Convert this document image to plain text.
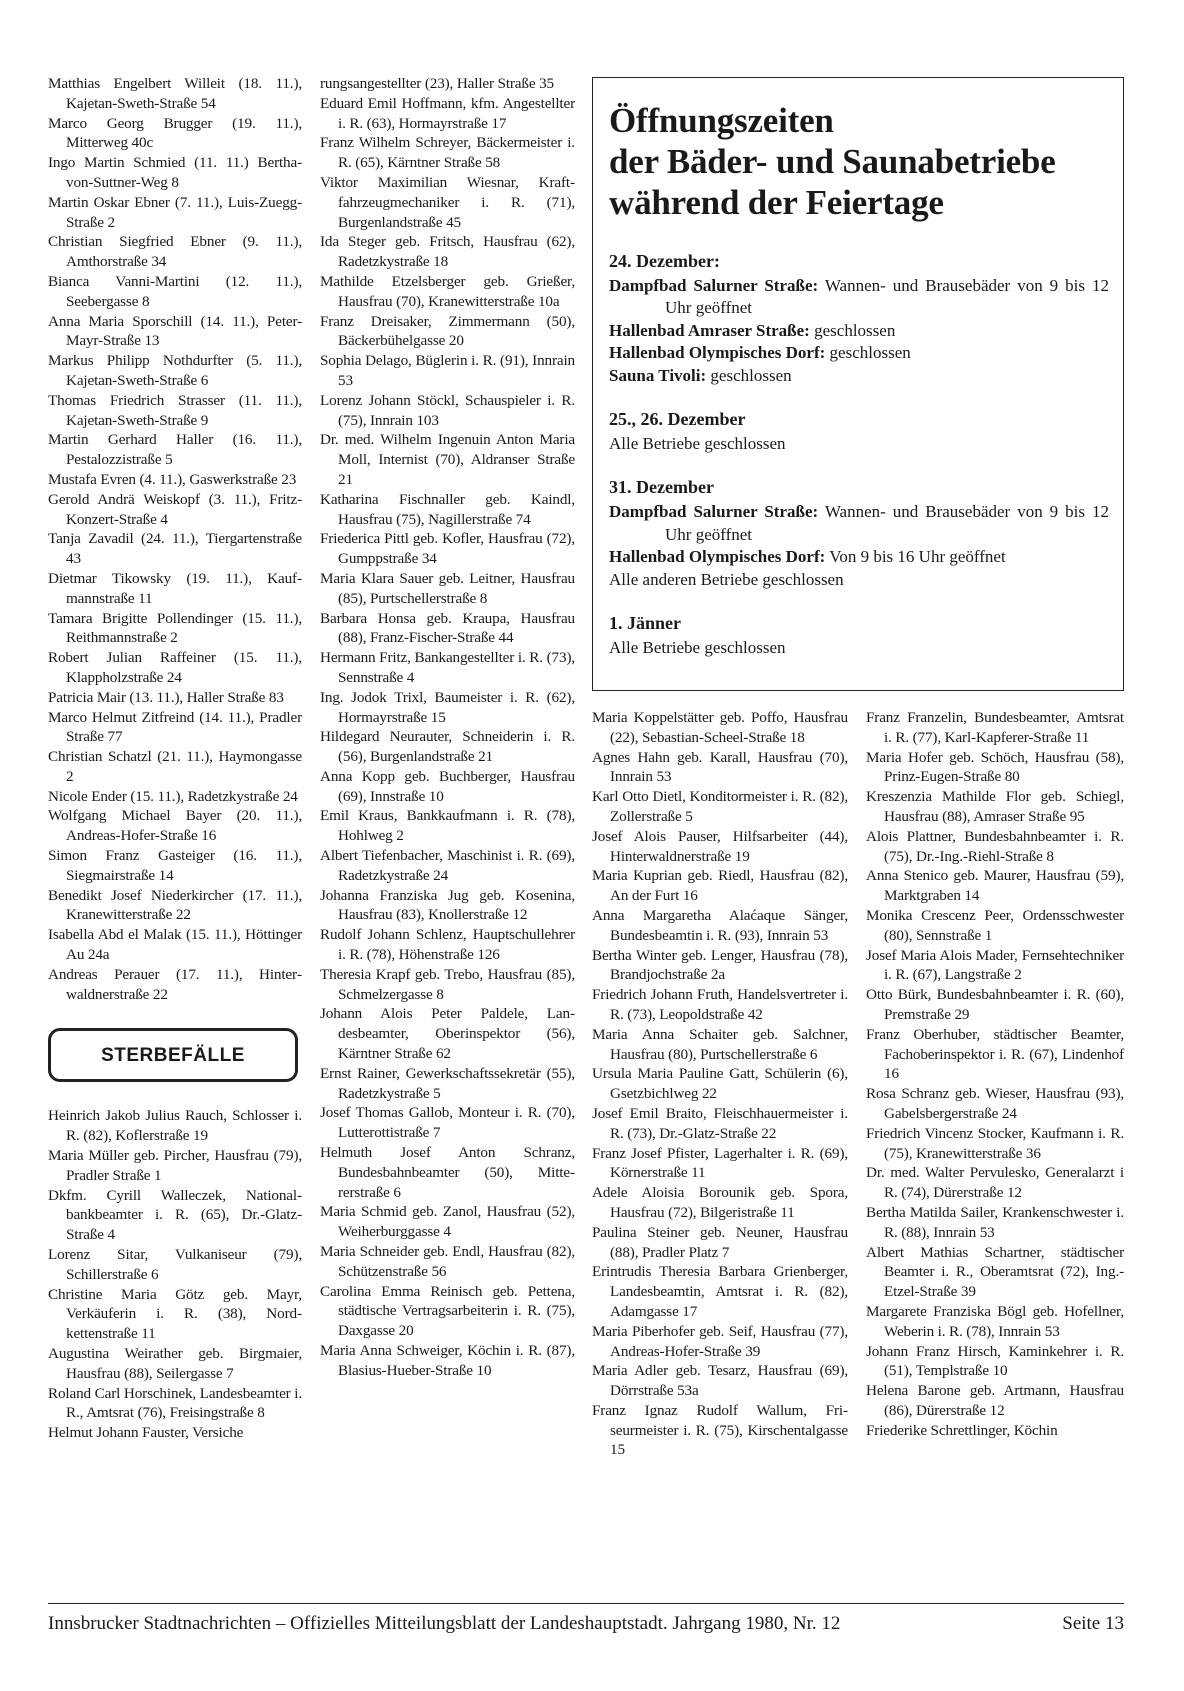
Matthias Engelbert Willeit (18. 11.), Kajetan-Sweth-Straße 54

Marco Georg Brugger (19. 11.), Mitterweg 40c

Ingo Martin Schmied (11. 11.) Bertha-von-Suttner-Weg 8

Martin Oskar Ebner (7. 11.), Luis-Zuegg-Straße 2

Christian Siegfried Ebner (9. 11.), Amthorstraße 34

Bianca Vanni-Martini (12. 11.), Seebergasse 8

Anna Maria Sporschill (14. 11.), Peter-Mayr-Straße 13

Markus Philipp Nothdurfter (5. 11.), Kajetan-Sweth-Straße 6

Thomas Friedrich Strasser (11. 11.), Kajetan-Sweth-Straße 9

Martin Gerhard Haller (16. 11.), Pestalozzistraße 5

Mustafa Evren (4. 11.), Gaswerkstraße 23

Gerold Andrä Weiskopf (3. 11.), Fritz-Konzert-Straße 4

Tanja Zavadil (24. 11.), Tiergartenstraße 43

Dietmar Tikowsky (19. 11.), Kaufmannstraße 11

Tamara Brigitte Pollendinger (15. 11.), Reithmannstraße 2

Robert Julian Raffeiner (15. 11.), Klappholzstraße 24

Patricia Mair (13. 11.), Haller Straße 83

Marco Helmut Zitfreind (14. 11.), Pradler Straße 77

Christian Schatzl (21. 11.), Haymongasse 2

Nicole Ender (15. 11.), Radetzkystraße 24

Wolfgang Michael Bayer (20. 11.), Andreas-Hofer-Straße 16

Simon Franz Gasteiger (16. 11.), Siegmairstraße 14

Benedikt Josef Niederkircher (17. 11.), Kranewitterstraße 22

Isabella Abd el Malak (15. 11.), Höttinger Au 24a

Andreas Perauer (17. 11.), Hinterwaldnerstraße 22

STERBEFÄLLE

Heinrich Jakob Julius Rauch, Schlosser i. R. (82), Koflerstraße 19

Maria Müller geb. Pircher, Hausfrau (79), Pradler Straße 1

Dkfm. Cyrill Walleczek, Nationalbankbeamter i. R. (65), Dr.-Glatz-Straße 4

Lorenz Sitar, Vulkaniseur (79), Schillerstraße 6

Christine Maria Götz geb. Mayr, Verkäuferin i. R. (38), Nordkettenstraße 11

Augustina Weirather geb. Birgmaier, Hausfrau (88), Seilergasse 7

Roland Carl Horschinek, Landesbeamter i. R., Amtsrat (76), Freisingstraße 8

Helmut Johann Fauster, Versiche

rungsangestellter (23), Haller Straße 35

Eduard Emil Hoffmann, kfm. Angestellter i. R. (63), Hormayrstraße 17

Franz Wilhelm Schreyer, Bäckermeister i. R. (65), Kärntner Straße 58

Viktor Maximilian Wiesnar, Kraftfahrzeugmechaniker i. R. (71), Burgenlandstraße 45

Ida Steger geb. Fritsch, Hausfrau (62), Radetzkystraße 18

Mathilde Etzelsberger geb. Grießer, Hausfrau (70), Kranewitterstraße 10a

Franz Dreisaker, Zimmermann (50), Bäckerbühelgasse 20

Sophia Delago, Büglerin i. R. (91), Innrain 53

Lorenz Johann Stöckl, Schauspieler i. R. (75), Innrain 103

Dr. med. Wilhelm Ingenuin Anton Maria Moll, Internist (70), Aldranser Straße 21

Katharina Fischnaller geb. Kaindl, Hausfrau (75), Nagillerstraße 74

Friederica Pittl geb. Kofler, Hausfrau (72), Gumppstraße 34

Maria Klara Sauer geb. Leitner, Hausfrau (85), Purtschellerstraße 8

Barbara Honsa geb. Kraupa, Hausfrau (88), Franz-Fischer-Straße 44

Hermann Fritz, Bankangestellter i. R. (73), Sennstraße 4

Ing. Jodok Trixl, Baumeister i. R. (62), Hormayrstraße 15

Hildegard Neurauter, Schneiderin i. R. (56), Burgenlandstraße 21

Anna Kopp geb. Buchberger, Hausfrau (69), Innstraße 10

Emil Kraus, Bankkaufmann i. R. (78), Hohlweg 2

Albert Tiefenbacher, Maschinist i. R. (69), Radetzkystraße 24

Johanna Franziska Jug geb. Kosenina, Hausfrau (83), Knollerstraße 12

Rudolf Johann Schlenz, Hauptschullehrer i. R. (78), Höhenstraße 126

Theresia Krapf geb. Trebo, Hausfrau (85), Schmelzergasse 8

Johann Alois Peter Paldele, Landesbeamter, Oberinspektor (56), Kärntner Straße 62

Ernst Rainer, Gewerkschaftssekretär (55), Radetzkystraße 5

Josef Thomas Gallob, Monteur i. R. (70), Lutterottistraße 7

Helmuth Josef Anton Schranz, Bundesbahnbeamter (50), Mittererstraße 6

Maria Schmid geb. Zanol, Hausfrau (52), Weiherburggasse 4

Maria Schneider geb. Endl, Hausfrau (82), Schützenstraße 56

Carolina Emma Reinisch geb. Pettena, städtische Vertragsarbeiterin i. R. (75), Daxgasse 20

Maria Anna Schweiger, Köchin i. R. (87), Blasius-Hueber-Straße 10

Öffnungszeiten
der Bäder- und Saunabetriebe
während der Feiertage
24. Dezember:

Dampfbad Salurner Straße: Wannen- und Brausebäder von 9 bis 12 Uhr geöffnet

Hallenbad Amraser Straße: geschlossen

Hallenbad Olympisches Dorf: geschlossen

Sauna Tivoli: geschlossen

25., 26. Dezember

Alle Betriebe geschlossen

31. Dezember

Dampfbad Salurner Straße: Wannen- und Brausebäder von 9 bis 12 Uhr geöffnet

Hallenbad Olympisches Dorf: Von 9 bis 16 Uhr geöffnet

Alle anderen Betriebe geschlossen

1. Jänner

Alle Betriebe geschlossen

Maria Koppelstätter geb. Poffo, Hausfrau (22), Sebastian-Scheel-Straße 18

Agnes Hahn geb. Karall, Hausfrau (70), Innrain 53

Karl Otto Dietl, Konditormeister i. R. (82), Zollerstraße 5

Josef Alois Pauser, Hilfsarbeiter (44), Hinterwaldnerstraße 19

Maria Kuprian geb. Riedl, Hausfrau (82), An der Furt 16

Anna Margaretha Alaćaque Sänger, Bundesbeamtin i. R. (93), Innrain 53

Bertha Winter geb. Lenger, Hausfrau (78), Brandjochstraße 2a

Friedrich Johann Fruth, Handelsvertreter i. R. (73), Leopoldstraße 42

Maria Anna Schaiter geb. Salchner, Hausfrau (80), Purtschellerstraße 6

Ursula Maria Pauline Gatt, Schülerin (6), Gsetzbichlweg 22

Josef Emil Braito, Fleischhauermeister i. R. (73), Dr.-Glatz-Straße 22

Franz Josef Pfister, Lagerhalter i. R. (69), Körnerstraße 11

Adele Aloisia Borounik geb. Spora, Hausfrau (72), Bilgeristraße 11

Paulina Steiner geb. Neuner, Hausfrau (88), Pradler Platz 7

Erintrudis Theresia Barbara Grienberger, Landesbeamtin, Amtsrat i. R. (82), Adamgasse 17

Maria Piberhofer geb. Seif, Hausfrau (77), Andreas-Hofer-Straße 39

Maria Adler geb. Tesarz, Hausfrau (69), Dörrstraße 53a

Franz Ignaz Rudolf Wallum, Friseurmeister i. R. (75), Kirschentalgasse 15

Franz Franzelin, Bundesbeamter, Amtsrat i. R. (77), Karl-Kapferer-Straße 11

Maria Hofer geb. Schöch, Hausfrau (58), Prinz-Eugen-Straße 80

Kreszenzia Mathilde Flor geb. Schiegl, Hausfrau (88), Amraser Straße 95

Alois Plattner, Bundesbahnbeamter i. R. (75), Dr.-Ing.-Riehl-Straße 8

Anna Stenico geb. Maurer, Hausfrau (59), Marktgraben 14

Monika Crescenz Peer, Ordensschwester (80), Sennstraße 1

Josef Maria Alois Mader, Fernsehtechniker i. R. (67), Langstraße 2

Otto Bürk, Bundesbahnbeamter i. R. (60), Premstraße 29

Franz Oberhuber, städtischer Beamter, Fachoberinspektor i. R. (67), Lindenhof 16

Rosa Schranz geb. Wieser, Hausfrau (93), Gabelsbergerstraße 24

Friedrich Vincenz Stocker, Kaufmann i. R. (75), Kranewitterstraße 36

Dr. med. Walter Pervulesko, Generalarzt i R. (74), Dürerstraße 12

Bertha Matilda Sailer, Krankenschwester i. R. (88), Innrain 53

Albert Mathias Schartner, städtischer Beamter i. R., Oberamtsrat (72), Ing.-Etzel-Straße 39

Margarete Franziska Bögl geb. Hofellner, Weberin i. R. (78), Innrain 53

Johann Franz Hirsch, Kaminkehrer i. R. (51), Templstraße 10

Helena Barone geb. Artmann, Hausfrau (86), Dürerstraße 12

Friederike Schrettlinger, Köchin

Innsbrucker Stadtnachrichten – Offizielles Mitteilungsblatt der Landeshauptstadt. Jahrgang 1980, Nr. 12	Seite 13
